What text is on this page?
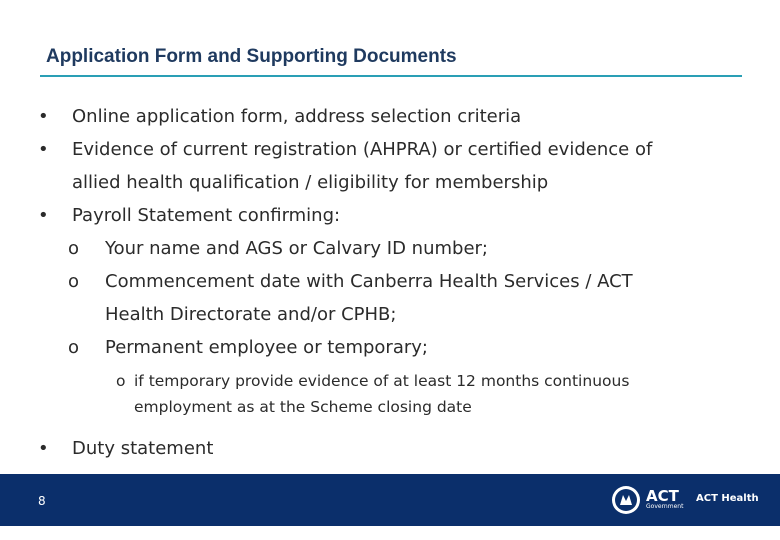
Application Form and Supporting Documents
• Online application form, address selection criteria
• Evidence of current registration (AHPRA) or certified evidence of
allied health qualification / eligibility for membership
• Payroll Statement confirming:
o Your name and AGS or Calvary ID number;
o Commencement date with Canberra Health Services / ACT
Health Directorate and/or CPHB;
o Permanent employee or temporary;
o if temporary provide evidence of at least 12 months continuous
employment as at the Scheme closing date
• Duty statement
8	ACT
Government
ACT Health
